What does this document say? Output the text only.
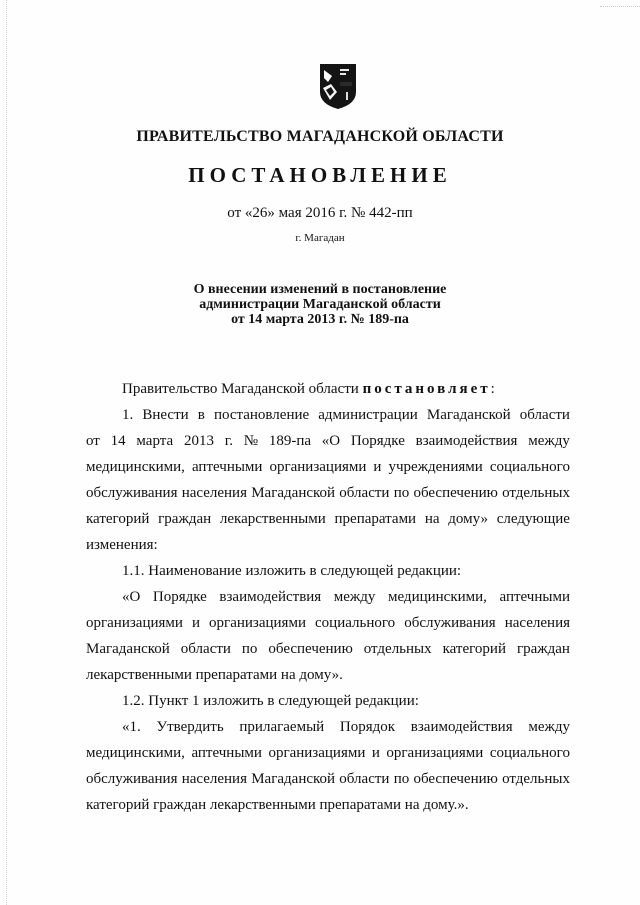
ПРАВИТЕЛЬСТВО МАГАДАНСКОЙ ОБЛАСТИ
ПОСТАНОВЛЕНИЕ
от «26» мая 2016 г. № 442-пп
г. Магадан
О внесении изменений в постановление
администрации Магаданской области
от 14 марта 2013 г. № 189-па
Правительство Магаданской области постановляет:
1. Внести в постановление администрации Магаданской области
от 14 марта 2013 г. № 189-па «О Порядке взаимодействия между
медицинскими, аптечными организациями и учреждениями социального
обслуживания населения Магаданской области по обеспечению отдельных
категорий граждан лекарственными препаратами на дому» следующие
изменения:
1.1. Наименование изложить в следующей редакции:
«О Порядке взаимодействия между медицинскими, аптечными
организациями и организациями социального обслуживания населения
Магаданской области по обеспечению отдельных категорий граждан
лекарственными препаратами на дому».
1.2. Пункт 1 изложить в следующей редакции:
«1. Утвердить прилагаемый Порядок взаимодействия между
медицинскими, аптечными организациями и организациями социального
обслуживания населения Магаданской области по обеспечению отдельных
категорий граждан лекарственными препаратами на дому.».
